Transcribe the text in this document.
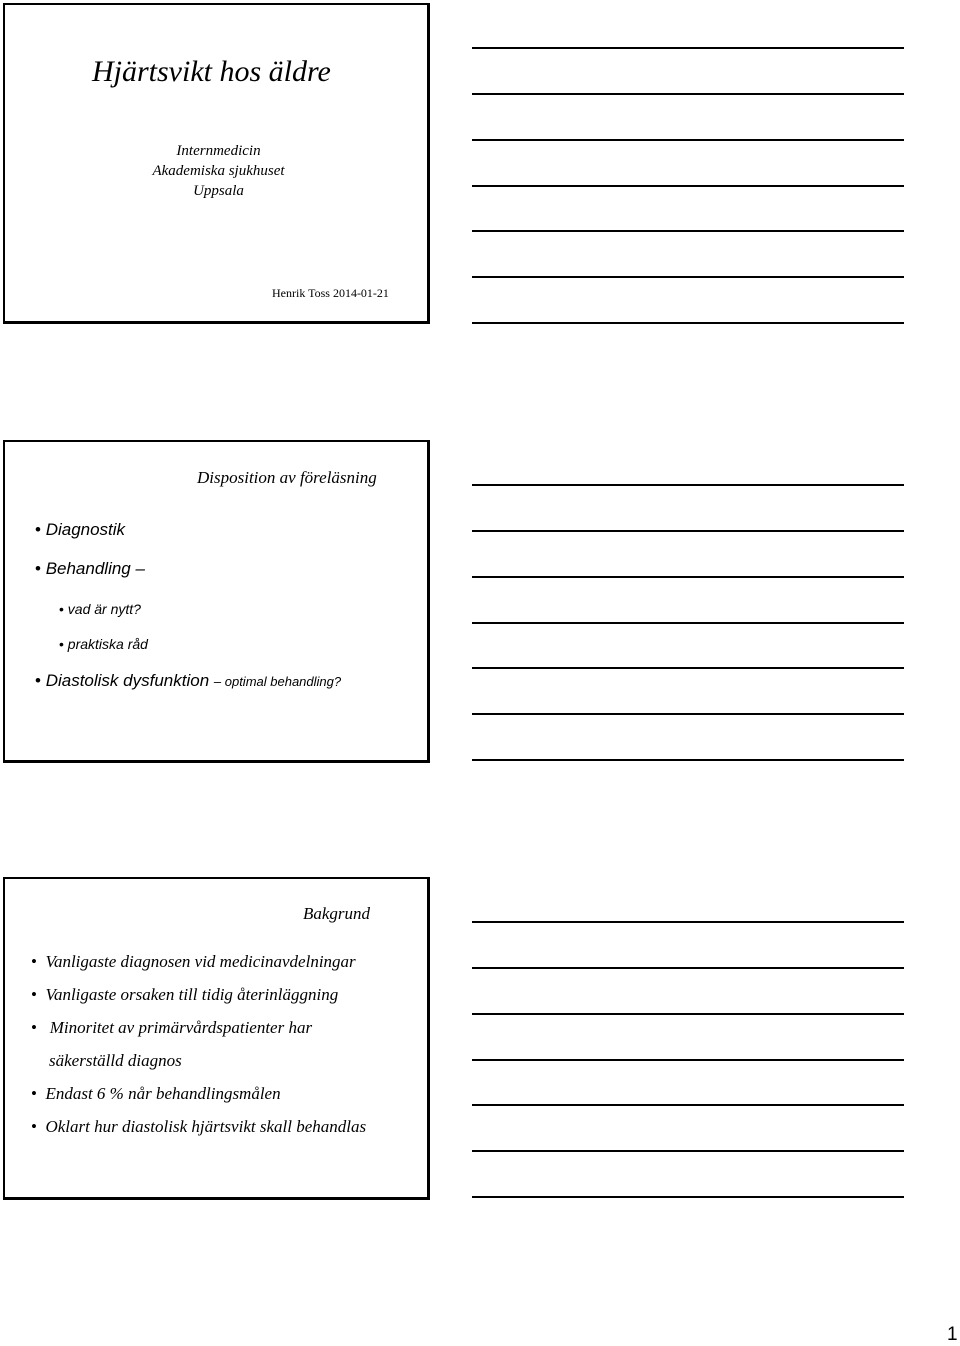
Hjärtsvikt hos äldre
Internmedicin
Akademiska sjukhuset
Uppsala
Henrik Toss 2014-01-21
Disposition av föreläsning
• Diagnostik
• Behandling –
• vad är nytt?
• praktiska råd
• Diastolisk dysfunktion – optimal behandling?
Bakgrund
• Vanligaste diagnosen vid medicinavdelningar
• Vanligaste orsaken till tidig återinläggning
• Minoritet av primärvårdspatienter har
säkerställd diagnos
• Endast 6 % når behandlingsmålen
• Oklart hur diastolisk hjärtsvikt skall behandlas
1
